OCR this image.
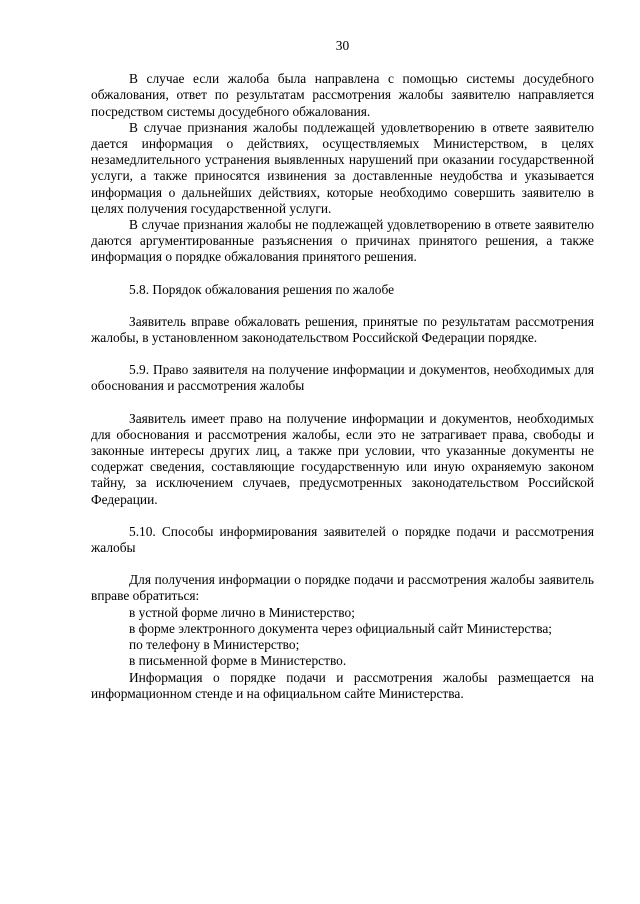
30

В случае если жалоба была направлена с помощью системы досудебного обжалования, ответ по результатам рассмотрения жалобы заявителю направляется посредством системы досудебного обжалования.

В случае признания жалобы подлежащей удовлетворению в ответе заявителю дается информация о действиях, осуществляемых Министерством, в целях незамедлительного устранения выявленных нарушений при оказании государственной услуги, а также приносятся извинения за доставленные неудобства и указывается информация о дальнейших действиях, которые необходимо совершить заявителю в целях получения государственной услуги.

В случае признания жалобы не подлежащей удовлетворению в ответе заявителю даются аргументированные разъяснения о причинах принятого решения, а также информация о порядке обжалования принятого решения.

5.8. Порядок обжалования решения по жалобе

Заявитель вправе обжаловать решения, принятые по результатам рассмотрения жалобы, в установленном законодательством Российской Федерации порядке.

5.9. Право заявителя на получение информации и документов, необходимых для обоснования и рассмотрения жалобы

Заявитель имеет право на получение информации и документов, необходимых для обоснования и рассмотрения жалобы, если это не затрагивает права, свободы и законные интересы других лиц, а также при условии, что указанные документы не содержат сведения, составляющие государственную или иную охраняемую законом тайну, за исключением случаев, предусмотренных законодательством Российской Федерации.

5.10. Способы информирования заявителей о порядке подачи и рассмотрения жалобы

Для получения информации о порядке подачи и рассмотрения жалобы заявитель вправе обратиться:

в устной форме лично в Министерство;

в форме электронного документа через официальный сайт Министерства;

по телефону в Министерство;

в письменной форме в Министерство.

Информация о порядке подачи и рассмотрения жалобы размещается на информационном стенде и на официальном сайте Министерства.
